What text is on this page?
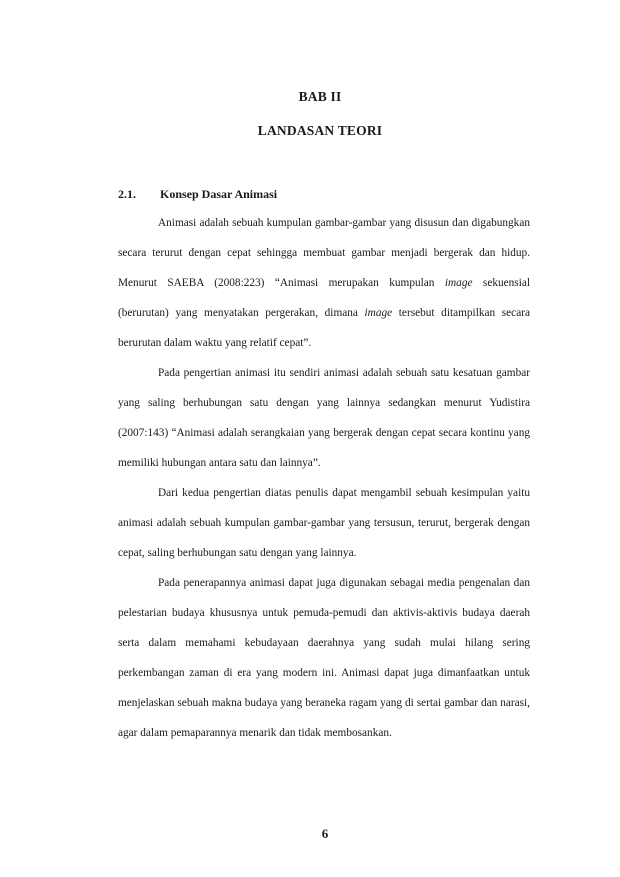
BAB II
LANDASAN TEORI
2.1. Konsep Dasar Animasi

Animasi adalah sebuah kumpulan gambar-gambar yang disusun dan digabungkan secara terurut dengan cepat sehingga membuat gambar menjadi bergerak dan hidup. Menurut SAEBA (2008:223) “Animasi merupakan kumpulan image sekuensial (berurutan) yang menyatakan pergerakan, dimana image tersebut ditampilkan secara berurutan dalam waktu yang relatif cepat”.

Pada pengertian animasi itu sendiri animasi adalah sebuah satu kesatuan gambar yang saling berhubungan satu dengan yang lainnya sedangkan menurut Yudistira (2007:143) “Animasi adalah serangkaian yang bergerak dengan cepat secara kontinu yang memiliki hubungan antara satu dan lainnya”.

Dari kedua pengertian diatas penulis dapat mengambil sebuah kesimpulan yaitu animasi adalah sebuah kumpulan gambar-gambar yang tersusun, terurut, bergerak dengan cepat, saling berhubungan satu dengan yang lainnya.

Pada penerapannya animasi dapat juga digunakan sebagai media pengenalan dan pelestarian budaya khususnya untuk pemuda-pemudi dan aktivis-aktivis budaya daerah serta dalam memahami kebudayaan daerahnya yang sudah mulai hilang sering perkembangan zaman di era yang modern ini. Animasi dapat juga dimanfaatkan untuk menjelaskan sebuah makna budaya yang beraneka ragam yang di sertai gambar dan narasi, agar dalam pemaparannya menarik dan tidak membosankan.

6
